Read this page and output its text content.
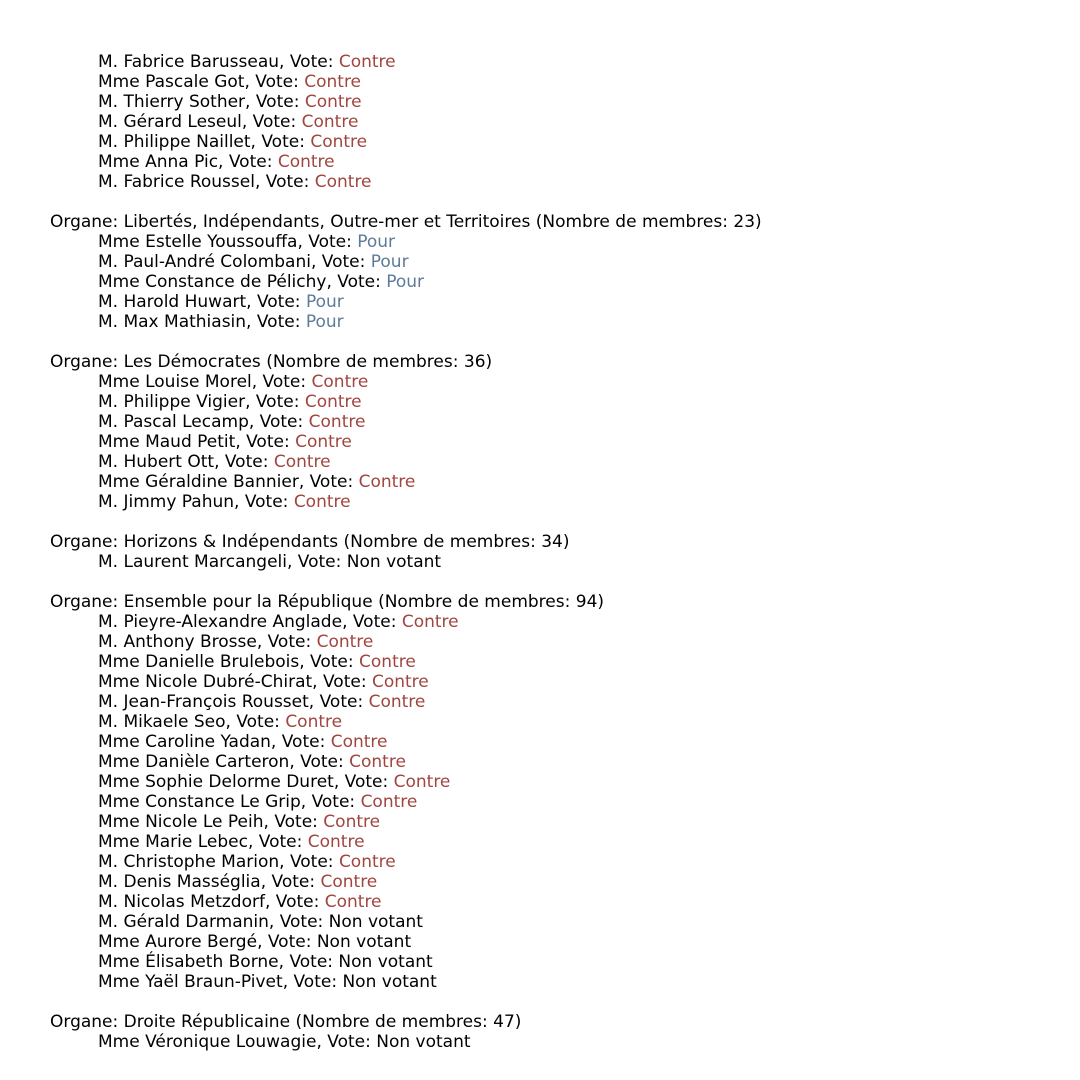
M. Fabrice Barusseau, Vote: Contre
Mme Pascale Got, Vote: Contre
M. Thierry Sother, Vote: Contre
M. Gérard Leseul, Vote: Contre
M. Philippe Naillet, Vote: Contre
Mme Anna Pic, Vote: Contre
M. Fabrice Roussel, Vote: Contre
Organe: Libertés, Indépendants, Outre-mer et Territoires (Nombre de membres: 23)
Mme Estelle Youssouffa, Vote: Pour
M. Paul-André Colombani, Vote: Pour
Mme Constance de Pélichy, Vote: Pour
M. Harold Huwart, Vote: Pour
M. Max Mathiasin, Vote: Pour
Organe: Les Démocrates (Nombre de membres: 36)
Mme Louise Morel, Vote: Contre
M. Philippe Vigier, Vote: Contre
M. Pascal Lecamp, Vote: Contre
Mme Maud Petit, Vote: Contre
M. Hubert Ott, Vote: Contre
Mme Géraldine Bannier, Vote: Contre
M. Jimmy Pahun, Vote: Contre
Organe: Horizons & Indépendants (Nombre de membres: 34)
M. Laurent Marcangeli, Vote: Non votant
Organe: Ensemble pour la République (Nombre de membres: 94)
M. Pieyre-Alexandre Anglade, Vote: Contre
M. Anthony Brosse, Vote: Contre
Mme Danielle Brulebois, Vote: Contre
Mme Nicole Dubré-Chirat, Vote: Contre
M. Jean-François Rousset, Vote: Contre
M. Mikaele Seo, Vote: Contre
Mme Caroline Yadan, Vote: Contre
Mme Danièle Carteron, Vote: Contre
Mme Sophie Delorme Duret, Vote: Contre
Mme Constance Le Grip, Vote: Contre
Mme Nicole Le Peih, Vote: Contre
Mme Marie Lebec, Vote: Contre
M. Christophe Marion, Vote: Contre
M. Denis Masséglia, Vote: Contre
M. Nicolas Metzdorf, Vote: Contre
M. Gérald Darmanin, Vote: Non votant
Mme Aurore Bergé, Vote: Non votant
Mme Élisabeth Borne, Vote: Non votant
Mme Yaël Braun-Pivet, Vote: Non votant
Organe: Droite Républicaine (Nombre de membres: 47)
Mme Véronique Louwagie, Vote: Non votant
